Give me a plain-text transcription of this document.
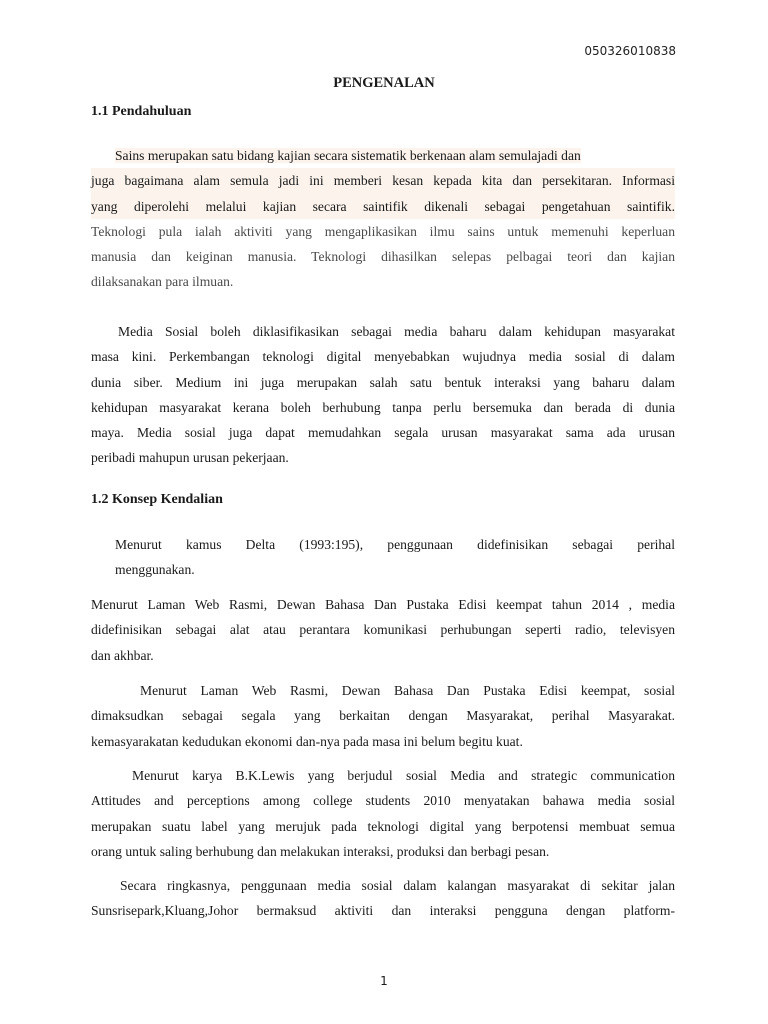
050326010838
PENGENALAN
1.1 Pendahuluan
Sains merupakan satu bidang kajian secara sistematik berkenaan alam semulajadi dan
juga bagaimana alam semula jadi ini memberi kesan kepada kita dan persekitaran. Informasi
yang diperolehi melalui kajian secara saintifik dikenali sebagai pengetahuan saintifik.
Teknologi pula ialah aktiviti yang mengaplikasikan ilmu sains untuk memenuhi keperluan
manusia dan keiginan manusia. Teknologi dihasilkan selepas pelbagai teori dan kajian
dilaksanakan para ilmuan.
Media Sosial boleh diklasifikasikan sebagai media baharu dalam kehidupan masyarakat
masa kini. Perkembangan teknologi digital menyebabkan wujudnya media sosial di dalam
dunia siber. Medium ini juga merupakan salah satu bentuk interaksi yang baharu dalam
kehidupan masyarakat kerana boleh berhubung tanpa perlu bersemuka dan berada di dunia
maya. Media sosial juga dapat memudahkan segala urusan masyarakat sama ada urusan
peribadi mahupun urusan pekerjaan.
1.2 Konsep Kendalian
Menurut kamus Delta (1993:195), penggunaan didefinisikan sebagai perihal
menggunakan.
Menurut Laman Web Rasmi, Dewan Bahasa Dan Pustaka Edisi keempat tahun 2014 , media
didefinisikan sebagai alat atau perantara komunikasi perhubungan seperti radio, televisyen
dan akhbar.
Menurut Laman Web Rasmi, Dewan Bahasa Dan Pustaka Edisi keempat, sosial
dimaksudkan sebagai segala yang berkaitan dengan Masyarakat, perihal Masyarakat.
kemasyarakatan kedudukan ekonomi dan-nya pada masa ini belum begitu kuat.
Menurut karya B.K.Lewis yang berjudul sosial Media and strategic communication
Attitudes and perceptions among college students 2010 menyatakan bahawa media sosial
merupakan suatu label yang merujuk pada teknologi digital yang berpotensi membuat semua
orang untuk saling berhubung dan melakukan interaksi, produksi dan berbagi pesan.
Secara ringkasnya, penggunaan media sosial dalam kalangan masyarakat di sekitar jalan
Sunsrisepark,Kluang,Johor bermaksud aktiviti dan interaksi pengguna dengan platform-
1
